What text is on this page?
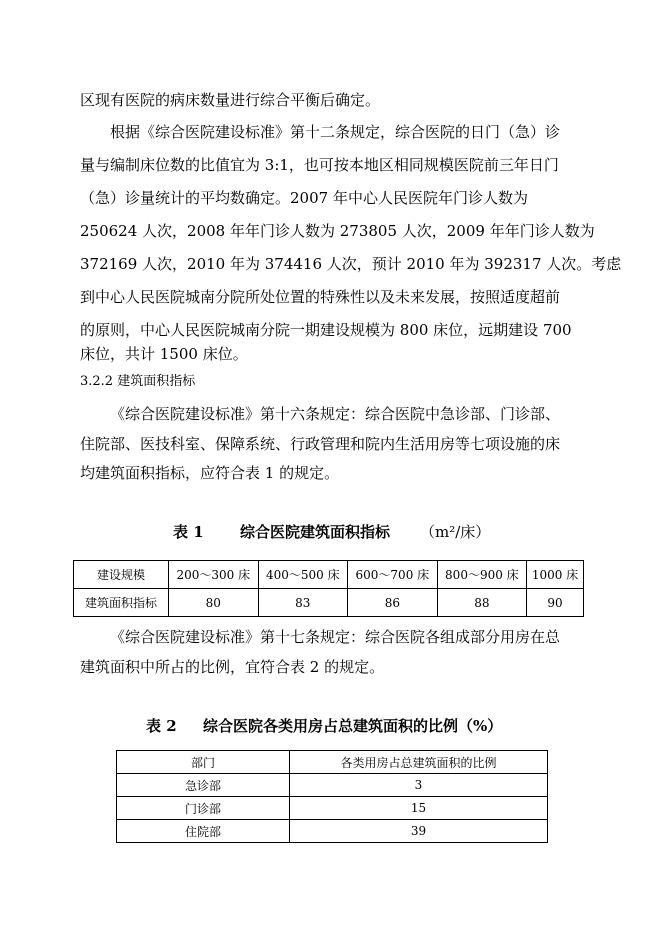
区现有医院的病床数量进行综合平衡后确定。
根据《综合医院建设标准》第十二条规定，综合医院的日门（急）诊
量与编制床位数的比值宜为 3:1，也可按本地区相同规模医院前三年日门
（急）诊量统计的平均数确定。2007 年中心人民医院年门诊人数为
250624 人次，2008 年年门诊人数为 273805 人次，2009 年年门诊人数为
372169 人次，2010 年为 374416 人次，预计 2010 年为 392317 人次。考虑
到中心人民医院城南分院所处位置的特殊性以及未来发展，按照适度超前
的原则，中心人民医院城南分院一期建设规模为 800 床位，远期建设 700
床位，共计 1500 床位。
3.2.2 建筑面积指标
《综合医院建设标准》第十六条规定：综合医院中急诊部、门诊部、
住院部、医技科室、保障系统、行政管理和院内生活用房等七项设施的床
均建筑面积指标，应符合表 1 的规定。
表 1 综合医院建筑面积指标 （m²/床）
建设规模	200～300 床	400～500 床	600～700 床	800～900 床	1000 床
建筑面积指标	80	83	86	88	90
《综合医院建设标准》第十七条规定：综合医院各组成部分用房在总
建筑面积中所占的比例，宜符合表 2 的规定。
表 2 综合医院各类用房占总建筑面积的比例（%）
部门	各类用房占总建筑面积的比例
急诊部	3
门诊部	15
住院部	39
